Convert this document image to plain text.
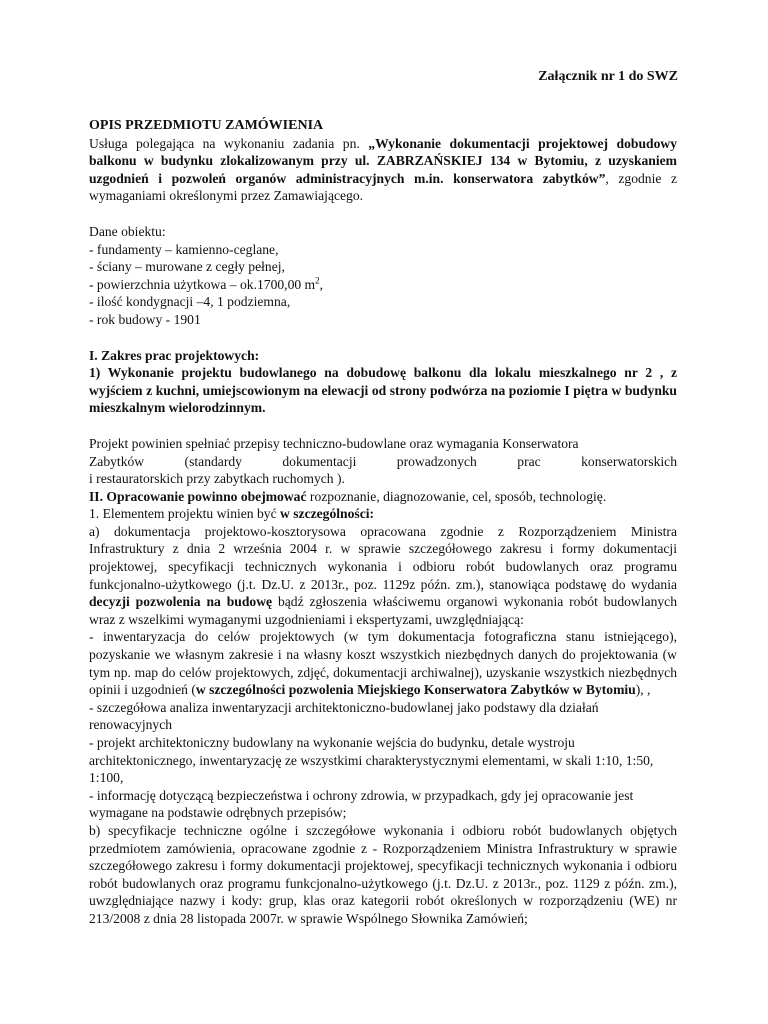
Załącznik nr 1 do SWZ

OPIS PRZEDMIOTU ZAMÓWIENIA

Usługa polegająca na wykonaniu zadania pn. „Wykonanie dokumentacji projektowej dobudowy balkonu w budynku zlokalizowanym przy ul. ZABRZAŃSKIEJ 134 w Bytomiu, z uzyskaniem uzgodnień i pozwoleń organów administracyjnych m.in. konserwatora zabytków”, zgodnie z wymaganiami określonymi przez Zamawiającego.

Dane obiektu:

- fundamenty – kamienno-ceglane,

- ściany – murowane z cegły pełnej,

- powierzchnia użytkowa – ok.1700,00 $m^2$,

- ilość kondygnacji –4, 1 podziemna,

- rok budowy - 1901

I. Zakres prac projektowych:

1) Wykonanie projektu budowlanego na dobudowę balkonu dla lokalu mieszkalnego nr 2 , z wyjściem z kuchni, umiejscowionym na elewacji od strony podwórza na poziomie I piętra w budynku mieszkalnym wielorodzinnym.

Projekt powinien spełniać przepisy techniczno-budowlane oraz wymagania Konserwatora

Zabytków (standardy dokumentacji prowadzonych prac konserwatorskich

i restauratorskich przy zabytkach ruchomych ).

II. Opracowanie powinno obejmować rozpoznanie, diagnozowanie, cel, sposób, technologię.

1. Elementem projektu winien być w szczególności:

a) dokumentacja projektowo-kosztorysowa opracowana zgodnie z Rozporządzeniem Ministra Infrastruktury z dnia 2 września 2004 r. w sprawie szczegółowego zakresu i formy dokumentacji projektowej, specyfikacji technicznych wykonania i odbioru robót budowlanych oraz programu funkcjonalno-użytkowego (j.t. Dz.U. z 2013r., poz. 1129z późn. zm.), stanowiąca podstawę do wydania decyzji pozwolenia na budowę bądź zgłoszenia właściwemu organowi wykonania robót budowlanych wraz z wszelkimi wymaganymi uzgodnieniami i ekspertyzami, uwzględniającą:

- inwentaryzacja do celów projektowych (w tym dokumentacja fotograficzna stanu istniejącego), pozyskanie we własnym zakresie i na własny koszt wszystkich niezbędnych danych do projektowania (w tym np. map do celów projektowych, zdjęć, dokumentacji archiwalnej), uzyskanie wszystkich niezbędnych opinii i uzgodnień (w szczególności pozwolenia Miejskiego Konserwatora Zabytków w Bytomiu), ,

- szczegółowa analiza inwentaryzacji architektoniczno-budowlanej jako podstawy dla działań renowacyjnych

- projekt architektoniczny budowlany na wykonanie wejścia do budynku, detale wystroju architektonicznego, inwentaryzację ze wszystkimi charakterystycznymi elementami, w skali 1:10, 1:50, 1:100,

- informację dotyczącą bezpieczeństwa i ochrony zdrowia, w przypadkach, gdy jej opracowanie jest wymagane na podstawie odrębnych przepisów;

b) specyfikacje techniczne ogólne i szczegółowe wykonania i odbioru robót budowlanych objętych przedmiotem zamówienia, opracowane zgodnie z - Rozporządzeniem Ministra Infrastruktury w sprawie szczegółowego zakresu i formy dokumentacji projektowej, specyfikacji technicznych wykonania i odbioru robót budowlanych oraz programu funkcjonalno-użytkowego (j.t. Dz.U. z 2013r., poz. 1129 z późn. zm.), uwzględniające nazwy i kody: grup, klas oraz kategorii robót określonych w rozporządzeniu (WE) nr 213/2008 z dnia 28 listopada 2007r. w sprawie Wspólnego Słownika Zamówień;
